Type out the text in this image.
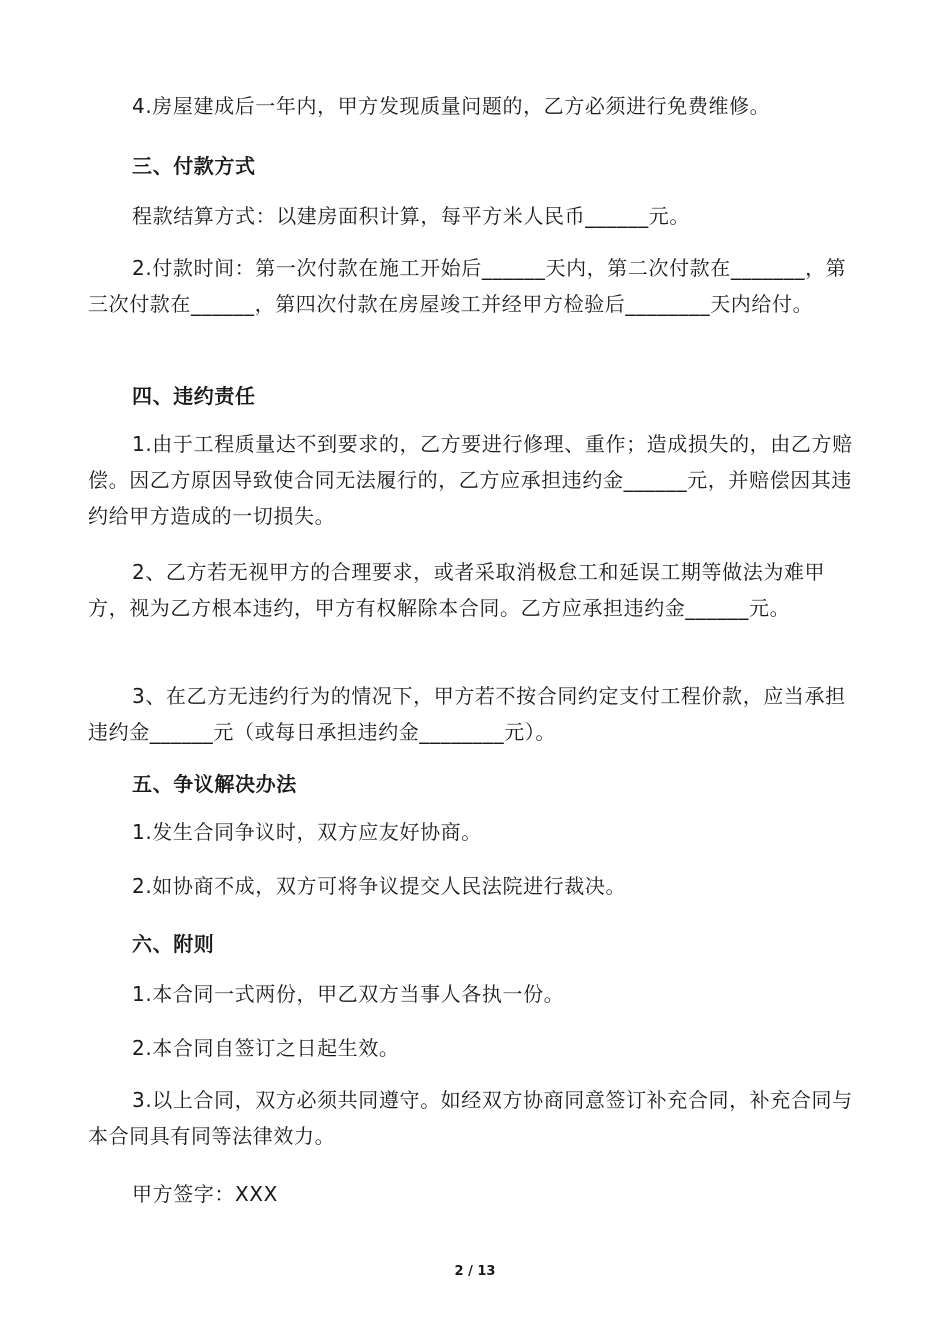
4.房屋建成后一年内，甲方发现质量问题的，乙方必须进行免费维修。
三、付款方式
程款结算方式：以建房面积计算，每平方米人民币______元。
2.付款时间：第一次付款在施工开始后______天内，第二次付款在_______，第三次付款在______，第四次付款在房屋竣工并经甲方检验后________天内给付。
四、违约责任
1.由于工程质量达不到要求的，乙方要进行修理、重作；造成损失的，由乙方赔偿。因乙方原因导致使合同无法履行的，乙方应承担违约金______元，并赔偿因其违约给甲方造成的一切损失。
2、乙方若无视甲方的合理要求，或者采取消极怠工和延误工期等做法为难甲方，视为乙方根本违约，甲方有权解除本合同。乙方应承担违约金______元。
3、在乙方无违约行为的情况下，甲方若不按合同约定支付工程价款，应当承担违约金______元（或每日承担违约金________元）。
五、争议解决办法
1.发生合同争议时，双方应友好协商。
2.如协商不成，双方可将争议提交人民法院进行裁决。
六、附则
1.本合同一式两份，甲乙双方当事人各执一份。
2.本合同自签订之日起生效。
3.以上合同，双方必须共同遵守。如经双方协商同意签订补充合同，补充合同与本合同具有同等法律效力。
甲方签字：XXX
2 / 13
